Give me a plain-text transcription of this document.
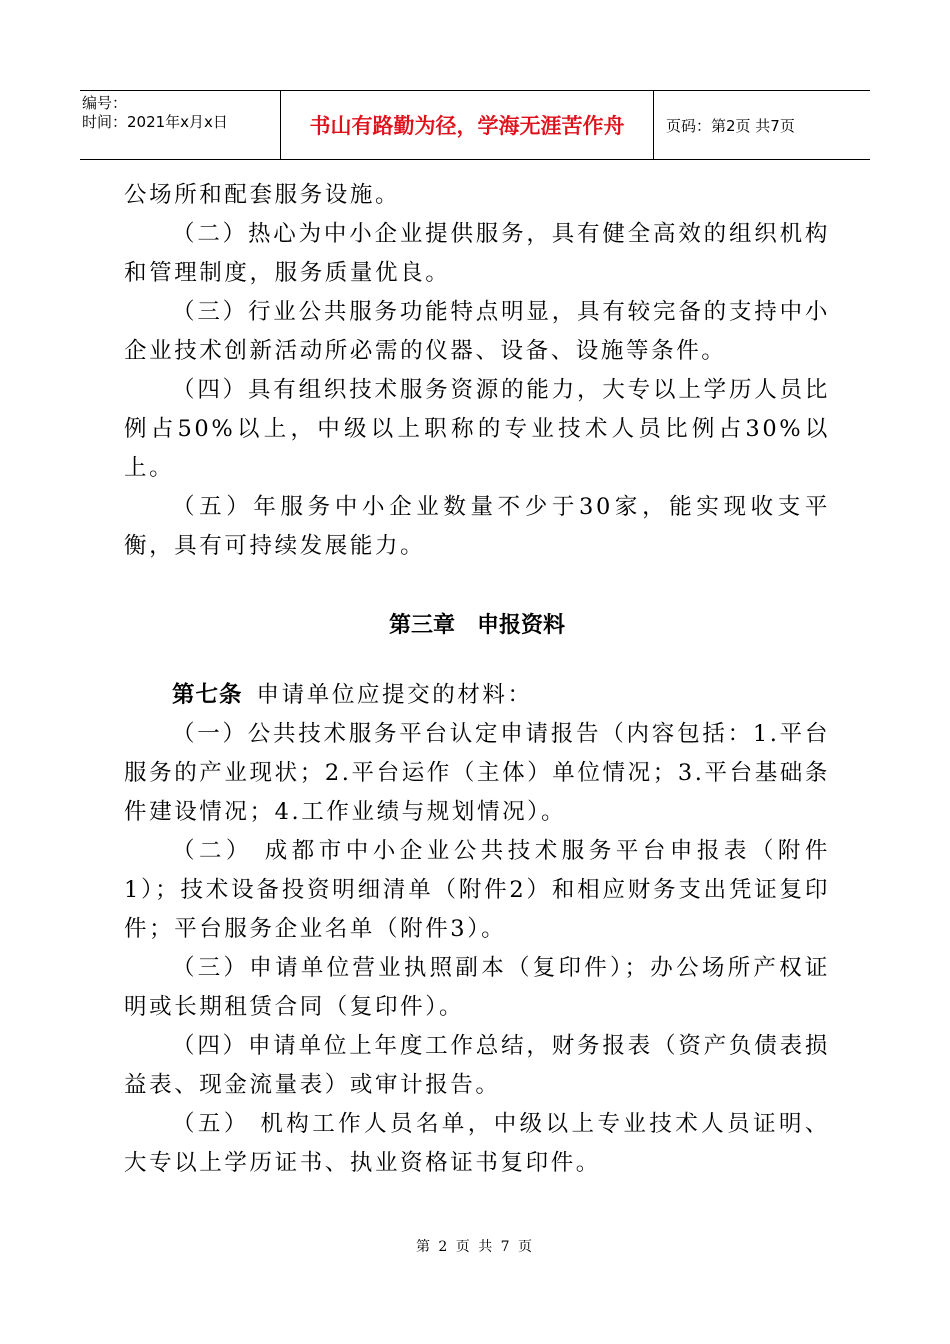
编号：
时间：2021年x月x日	书山有路勤为径，学海无涯苦作舟	页码：第2页 共7页

公场所和配套服务设施。

（二）热心为中小企业提供服务，具有健全高效的组织机构和管理制度，服务质量优良。

（三）行业公共服务功能特点明显，具有较完备的支持中小企业技术创新活动所必需的仪器、设备、设施等条件。

（四）具有组织技术服务资源的能力，大专以上学历人员比例占50%以上，中级以上职称的专业技术人员比例占30%以上。

（五）年服务中小企业数量不少于30家，能实现收支平衡，具有可持续发展能力。

第三章　申报资料

第七条 申请单位应提交的材料：

（一）公共技术服务平台认定申请报告（内容包括：1.平台服务的产业现状；2.平台运作（主体）单位情况；3.平台基础条件建设情况；4.工作业绩与规划情况）。

（二） 成都市中小企业公共技术服务平台申报表（附件1）；技术设备投资明细清单（附件2）和相应财务支出凭证复印件；平台服务企业名单（附件3）。

（三）申请单位营业执照副本（复印件）；办公场所产权证明或长期租赁合同（复印件）。

（四）申请单位上年度工作总结，财务报表（资产负债表损益表、现金流量表）或审计报告。

（五） 机构工作人员名单，中级以上专业技术人员证明、大专以上学历证书、执业资格证书复印件。

第 2 页 共 7 页
